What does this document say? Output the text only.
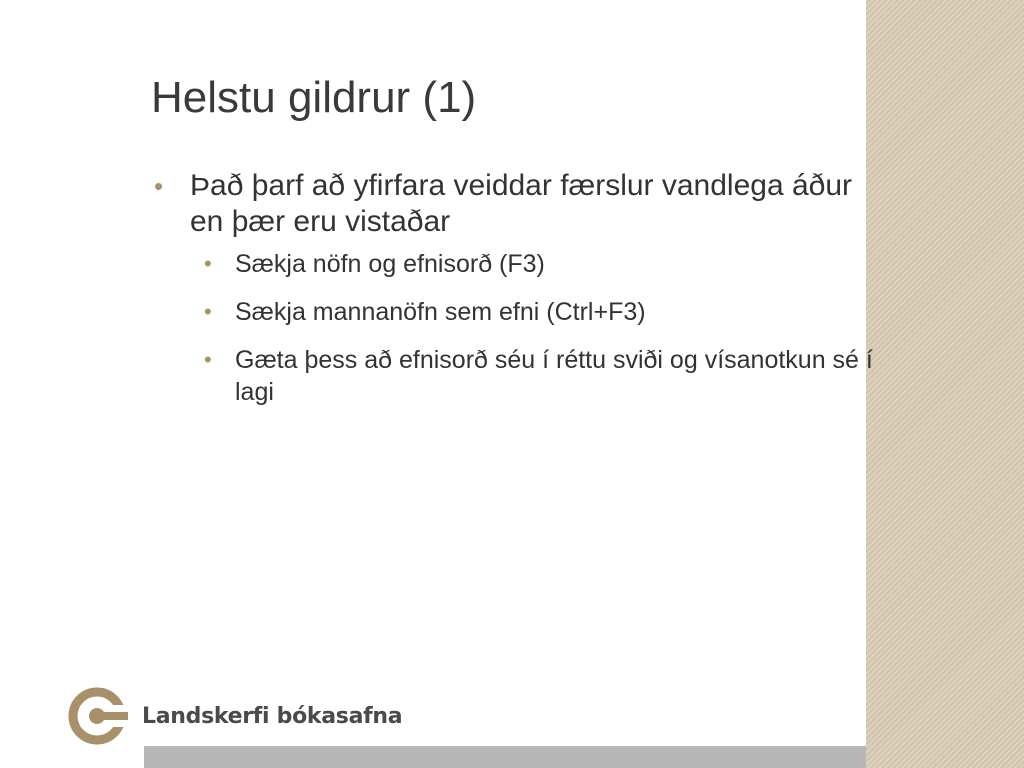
Helstu gildrur (1)
• Það þarf að yfirfara veiddar færslur vandlega áður en þær eru vistaðar
• Sækja nöfn og efnisorð (F3)
• Sækja mannanöfn sem efni (Ctrl+F3)
• Gæta þess að efnisorð séu í réttu sviði og vísanotkun sé í lagi
Landskerfi bókasafna
